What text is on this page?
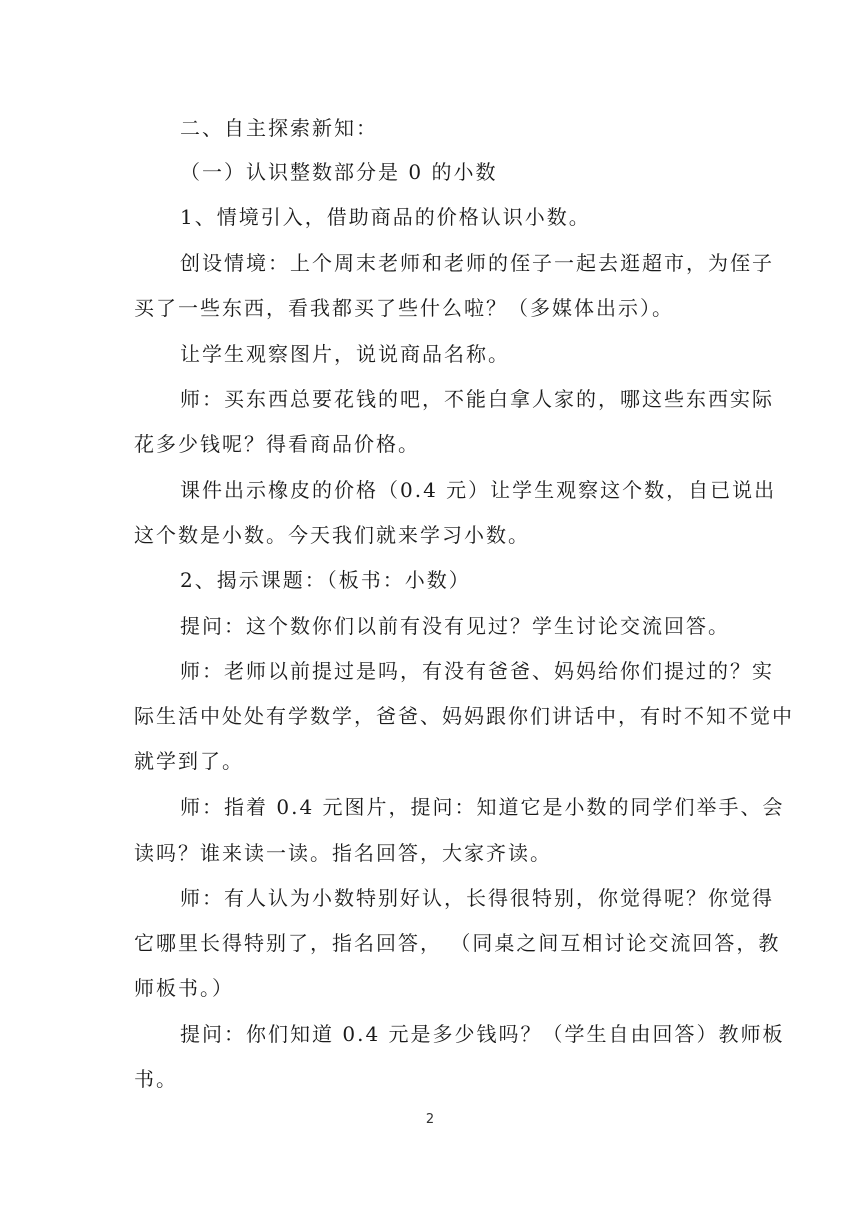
二、自主探索新知：

（一）认识整数部分是 0 的小数

1、情境引入，借助商品的价格认识小数。

创设情境：上个周末老师和老师的侄子一起去逛超市，为侄子

买了一些东西，看我都买了些什么啦？（多媒体出示）。

让学生观察图片，说说商品名称。

师：买东西总要花钱的吧，不能白拿人家的，哪这些东西实际

花多少钱呢？得看商品价格。

课件出示橡皮的价格（0.4 元）让学生观察这个数，自已说出

这个数是小数。今天我们就来学习小数。

2、揭示课题：（板书：小数）

提问：这个数你们以前有没有见过？学生讨论交流回答。

师：老师以前提过是吗，有没有爸爸、妈妈给你们提过的？实

际生活中处处有学数学，爸爸、妈妈跟你们讲话中，有时不知不觉中

就学到了。

师：指着 0.4 元图片，提问：知道它是小数的同学们举手、会

读吗？谁来读一读。指名回答，大家齐读。

师：有人认为小数特别好认，长得很特别，你觉得呢？你觉得

它哪里长得特别了，指名回答， （同桌之间互相讨论交流回答，教

师板书。）

提问：你们知道 0.4 元是多少钱吗？（学生自由回答）教师板

书。

2
